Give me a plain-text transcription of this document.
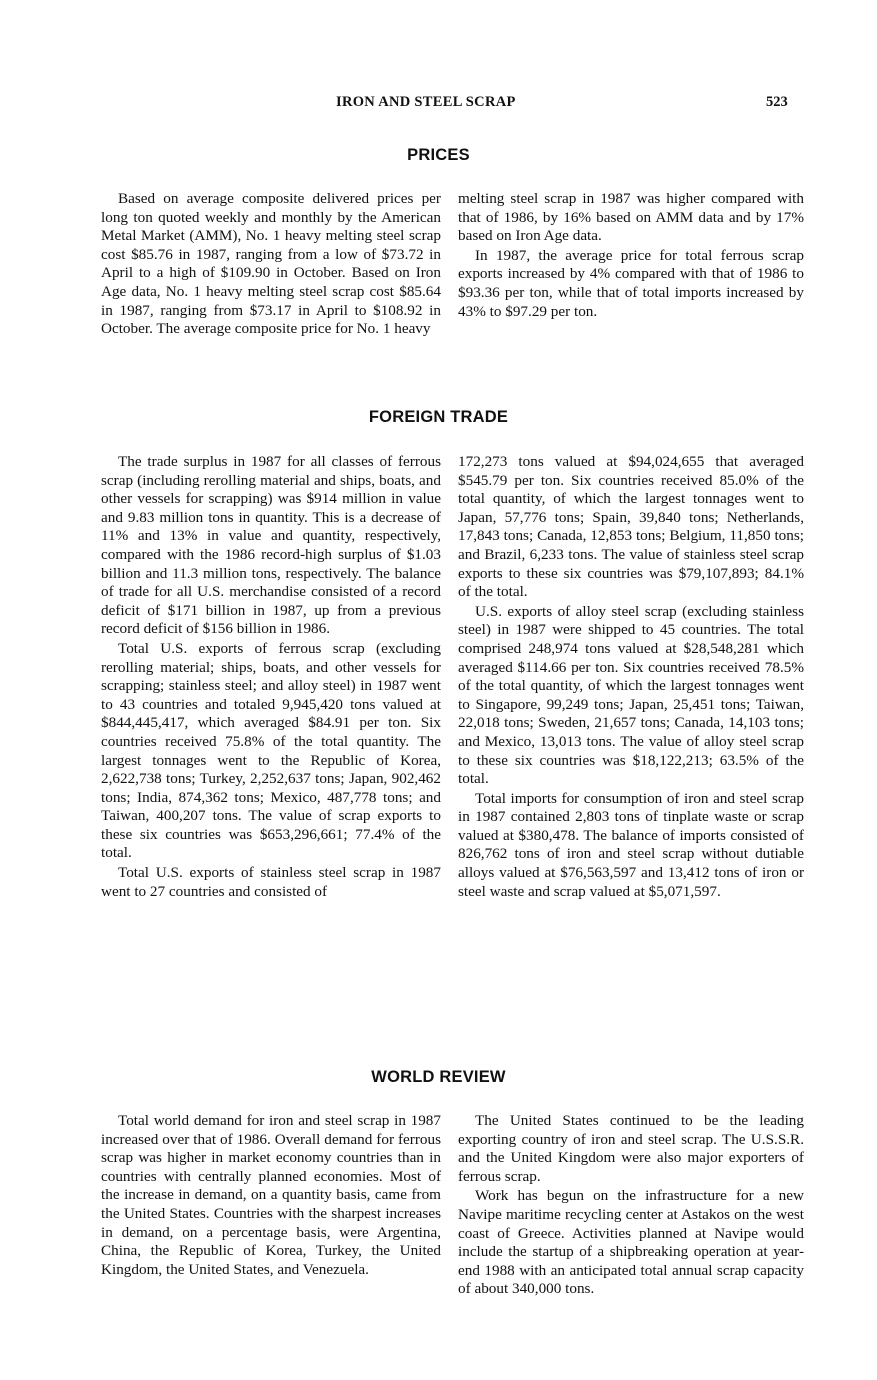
IRON AND STEEL SCRAP	523
PRICES

Based on average composite delivered prices per long ton quoted weekly and monthly by the American Metal Market (AMM), No. 1 heavy melting steel scrap cost $85.76 in 1987, ranging from a low of $73.72 in April to a high of $109.90 in October. Based on Iron Age data, No. 1 heavy melting steel scrap cost $85.64 in 1987, ranging from $73.17 in April to $108.92 in October. The average composite price for No. 1 heavy

melting steel scrap in 1987 was higher compared with that of 1986, by 16% based on AMM data and by 17% based on Iron Age data.

In 1987, the average price for total ferrous scrap exports increased by 4% compared with that of 1986 to $93.36 per ton, while that of total imports increased by 43% to $97.29 per ton.

FOREIGN TRADE

The trade surplus in 1987 for all classes of ferrous scrap (including rerolling material and ships, boats, and other vessels for scrapping) was $914 million in value and 9.83 million tons in quantity. This is a decrease of 11% and 13% in value and quantity, respectively, compared with the 1986 record-high surplus of $1.03 billion and 11.3 million tons, respectively. The balance of trade for all U.S. merchandise consisted of a record deficit of $171 billion in 1987, up from a previous record deficit of $156 billion in 1986.

Total U.S. exports of ferrous scrap (excluding rerolling material; ships, boats, and other vessels for scrapping; stainless steel; and alloy steel) in 1987 went to 43 countries and totaled 9,945,420 tons valued at $844,445,417, which averaged $84.91 per ton. Six countries received 75.8% of the total quantity. The largest tonnages went to the Republic of Korea, 2,622,738 tons; Turkey, 2,252,637 tons; Japan, 902,462 tons; India, 874,362 tons; Mexico, 487,778 tons; and Taiwan, 400,207 tons. The value of scrap exports to these six countries was $653,296,661; 77.4% of the total.

Total U.S. exports of stainless steel scrap in 1987 went to 27 countries and consisted of

172,273 tons valued at $94,024,655 that averaged $545.79 per ton. Six countries received 85.0% of the total quantity, of which the largest tonnages went to Japan, 57,776 tons; Spain, 39,840 tons; Netherlands, 17,843 tons; Canada, 12,853 tons; Belgium, 11,850 tons; and Brazil, 6,233 tons. The value of stainless steel scrap exports to these six countries was $79,107,893; 84.1% of the total.

U.S. exports of alloy steel scrap (excluding stainless steel) in 1987 were shipped to 45 countries. The total comprised 248,974 tons valued at $28,548,281 which averaged $114.66 per ton. Six countries received 78.5% of the total quantity, of which the largest tonnages went to Singapore, 99,249 tons; Japan, 25,451 tons; Taiwan, 22,018 tons; Sweden, 21,657 tons; Canada, 14,103 tons; and Mexico, 13,013 tons. The value of alloy steel scrap to these six countries was $18,122,213; 63.5% of the total.

Total imports for consumption of iron and steel scrap in 1987 contained 2,803 tons of tinplate waste or scrap valued at $380,478. The balance of imports consisted of 826,762 tons of iron and steel scrap without dutiable alloys valued at $76,563,597 and 13,412 tons of iron or steel waste and scrap valued at $5,071,597.

WORLD REVIEW

Total world demand for iron and steel scrap in 1987 increased over that of 1986. Overall demand for ferrous scrap was higher in market economy countries than in countries with centrally planned economies. Most of the increase in demand, on a quantity basis, came from the United States. Countries with the sharpest increases in demand, on a percentage basis, were Argentina, China, the Republic of Korea, Turkey, the United Kingdom, the United States, and Venezuela.

The United States continued to be the leading exporting country of iron and steel scrap. The U.S.S.R. and the United Kingdom were also major exporters of ferrous scrap.

Work has begun on the infrastructure for a new Navipe maritime recycling center at Astakos on the west coast of Greece. Activities planned at Navipe would include the startup of a shipbreaking operation at year-end 1988 with an anticipated total annual scrap capacity of about 340,000 tons.
